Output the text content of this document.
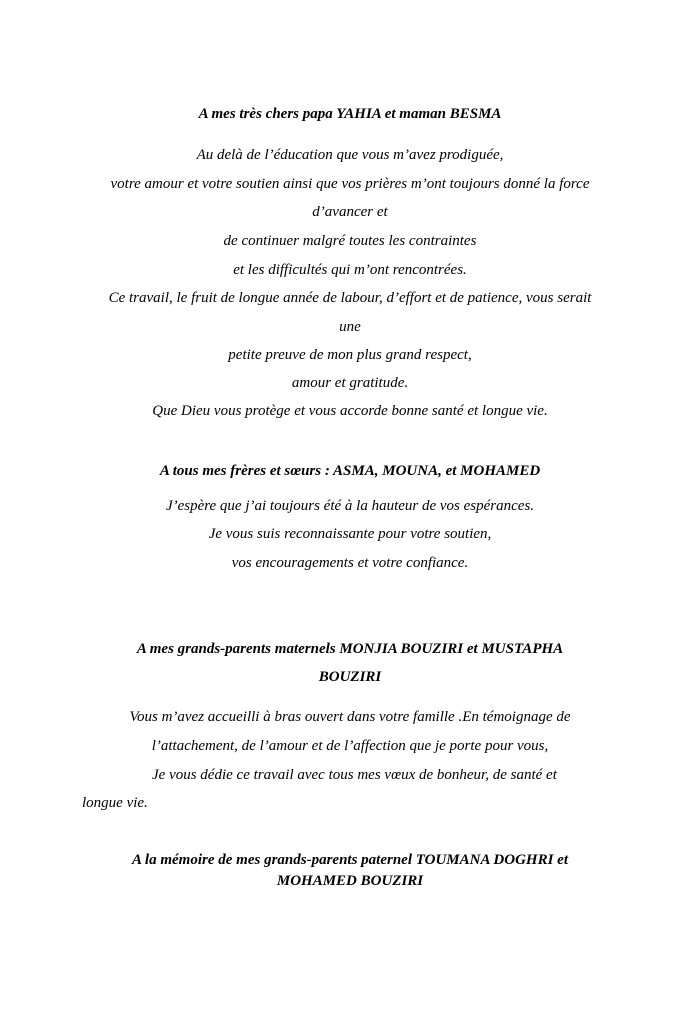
A mes très chers papa YAHIA et maman BESMA
Au delà de l’éducation que vous m’avez prodiguée,
votre amour et votre soutien ainsi que vos prières m’ont toujours donné la force
d’avancer et
de continuer malgré toutes les contraintes
et les difficultés qui m’ont rencontrées.
Ce travail, le fruit de longue année de labour, d’effort et de patience, vous serait
une
petite preuve de mon plus grand respect,
amour et gratitude.
Que Dieu vous protège et vous accorde bonne santé et longue vie.
A tous mes frères et sœurs : ASMA, MOUNA, et MOHAMED
J’espère que j’ai toujours été à la hauteur de vos espérances.
Je vous suis reconnaissante pour votre soutien,
vos encouragements et votre confiance.
A mes grands-parents maternels MONJIA BOUZIRI et MUSTAPHA
BOUZIRI
Vous m’avez accueilli à bras ouvert dans votre famille .En témoignage de
l’attachement, de l’amour et de l’affection que je porte pour vous,
Je vous dédie ce travail avec tous mes vœux de bonheur, de santé et
longue vie.
A la mémoire de mes grands-parents paternel TOUMANA DOGHRI et
MOHAMED BOUZIRI
